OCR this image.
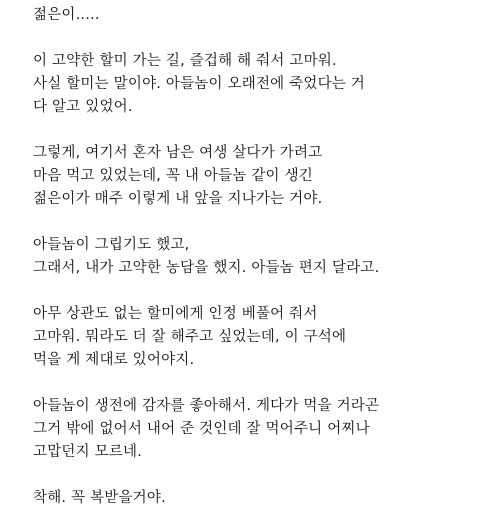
젊은이.....
이 고약한 할미 가는 길, 즐겁해 해 줘서 고마워.
사실 할미는 말이야. 아들놈이 오래전에 죽었다는 거
다 알고 있었어.
그렇게, 여기서 혼자 남은 여생 살다가 가려고
마음 먹고 있었는데, 꼭 내 아들놈 같이 생긴
젊은이가 매주 이렇게 내 앞을 지나가는 거야.
아들놈이 그립기도 했고,
그래서, 내가 고약한 농담을 했지. 아들놈 편지 달라고.
아무 상관도 없는 할미에게 인정 베풀어 줘서
고마워. 뭐라도 더 잘 해주고 싶었는데, 이 구석에
먹을 게 제대로 있어야지.
아들놈이 생전에 감자를 좋아해서. 게다가 먹을 거라곤
그거 밖에 없어서 내어 준 것인데 잘 먹어주니 어찌나
고맙던지 모르네.
착해. 꼭 복받을거야.
